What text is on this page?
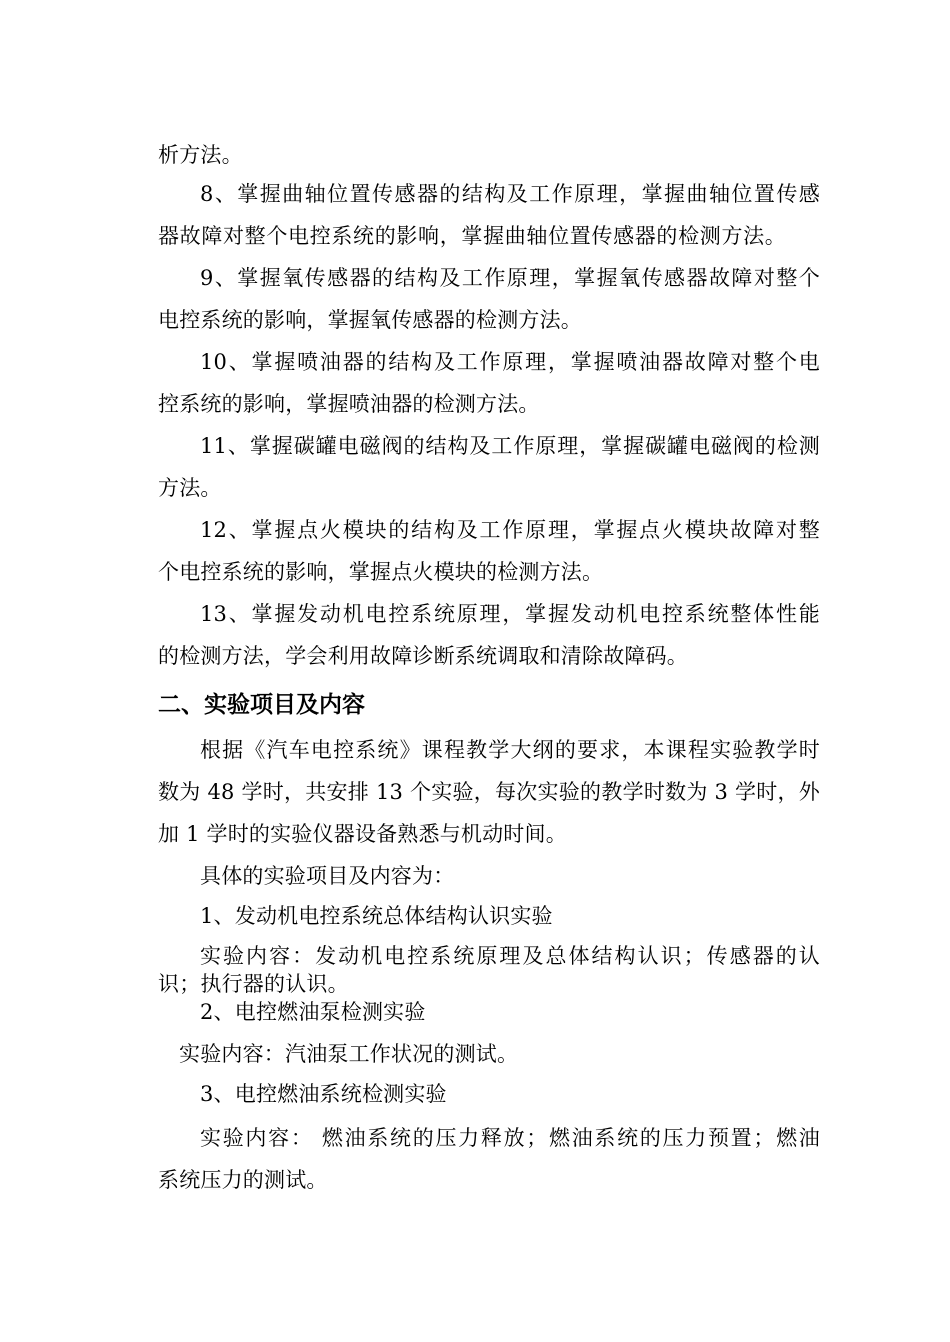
析方法。
8、掌握曲轴位置传感器的结构及工作原理，掌握曲轴位置传感
器故障对整个电控系统的影响，掌握曲轴位置传感器的检测方法。
9、掌握氧传感器的结构及工作原理，掌握氧传感器故障对整个
电控系统的影响，掌握氧传感器的检测方法。
10、掌握喷油器的结构及工作原理，掌握喷油器故障对整个电
控系统的影响，掌握喷油器的检测方法。
11、掌握碳罐电磁阀的结构及工作原理，掌握碳罐电磁阀的检测
方法。
12、掌握点火模块的结构及工作原理，掌握点火模块故障对整
个电控系统的影响，掌握点火模块的检测方法。
13、掌握发动机电控系统原理，掌握发动机电控系统整体性能
的检测方法，学会利用故障诊断系统调取和清除故障码。
二、实验项目及内容
根据《汽车电控系统》课程教学大纲的要求，本课程实验教学时
数为 48 学时，共安排 13 个实验，每次实验的教学时数为 3 学时，外
加 1 学时的实验仪器设备熟悉与机动时间。
具体的实验项目及内容为：
1、发动机电控系统总体结构认识实验
实验内容：发动机电控系统原理及总体结构认识；传感器的认
识；执行器的认识。
2、电控燃油泵检测实验
实验内容：汽油泵工作状况的测试。
3、电控燃油系统检测实验
实验内容： 燃油系统的压力释放；燃油系统的压力预置；燃油
系统压力的测试。
